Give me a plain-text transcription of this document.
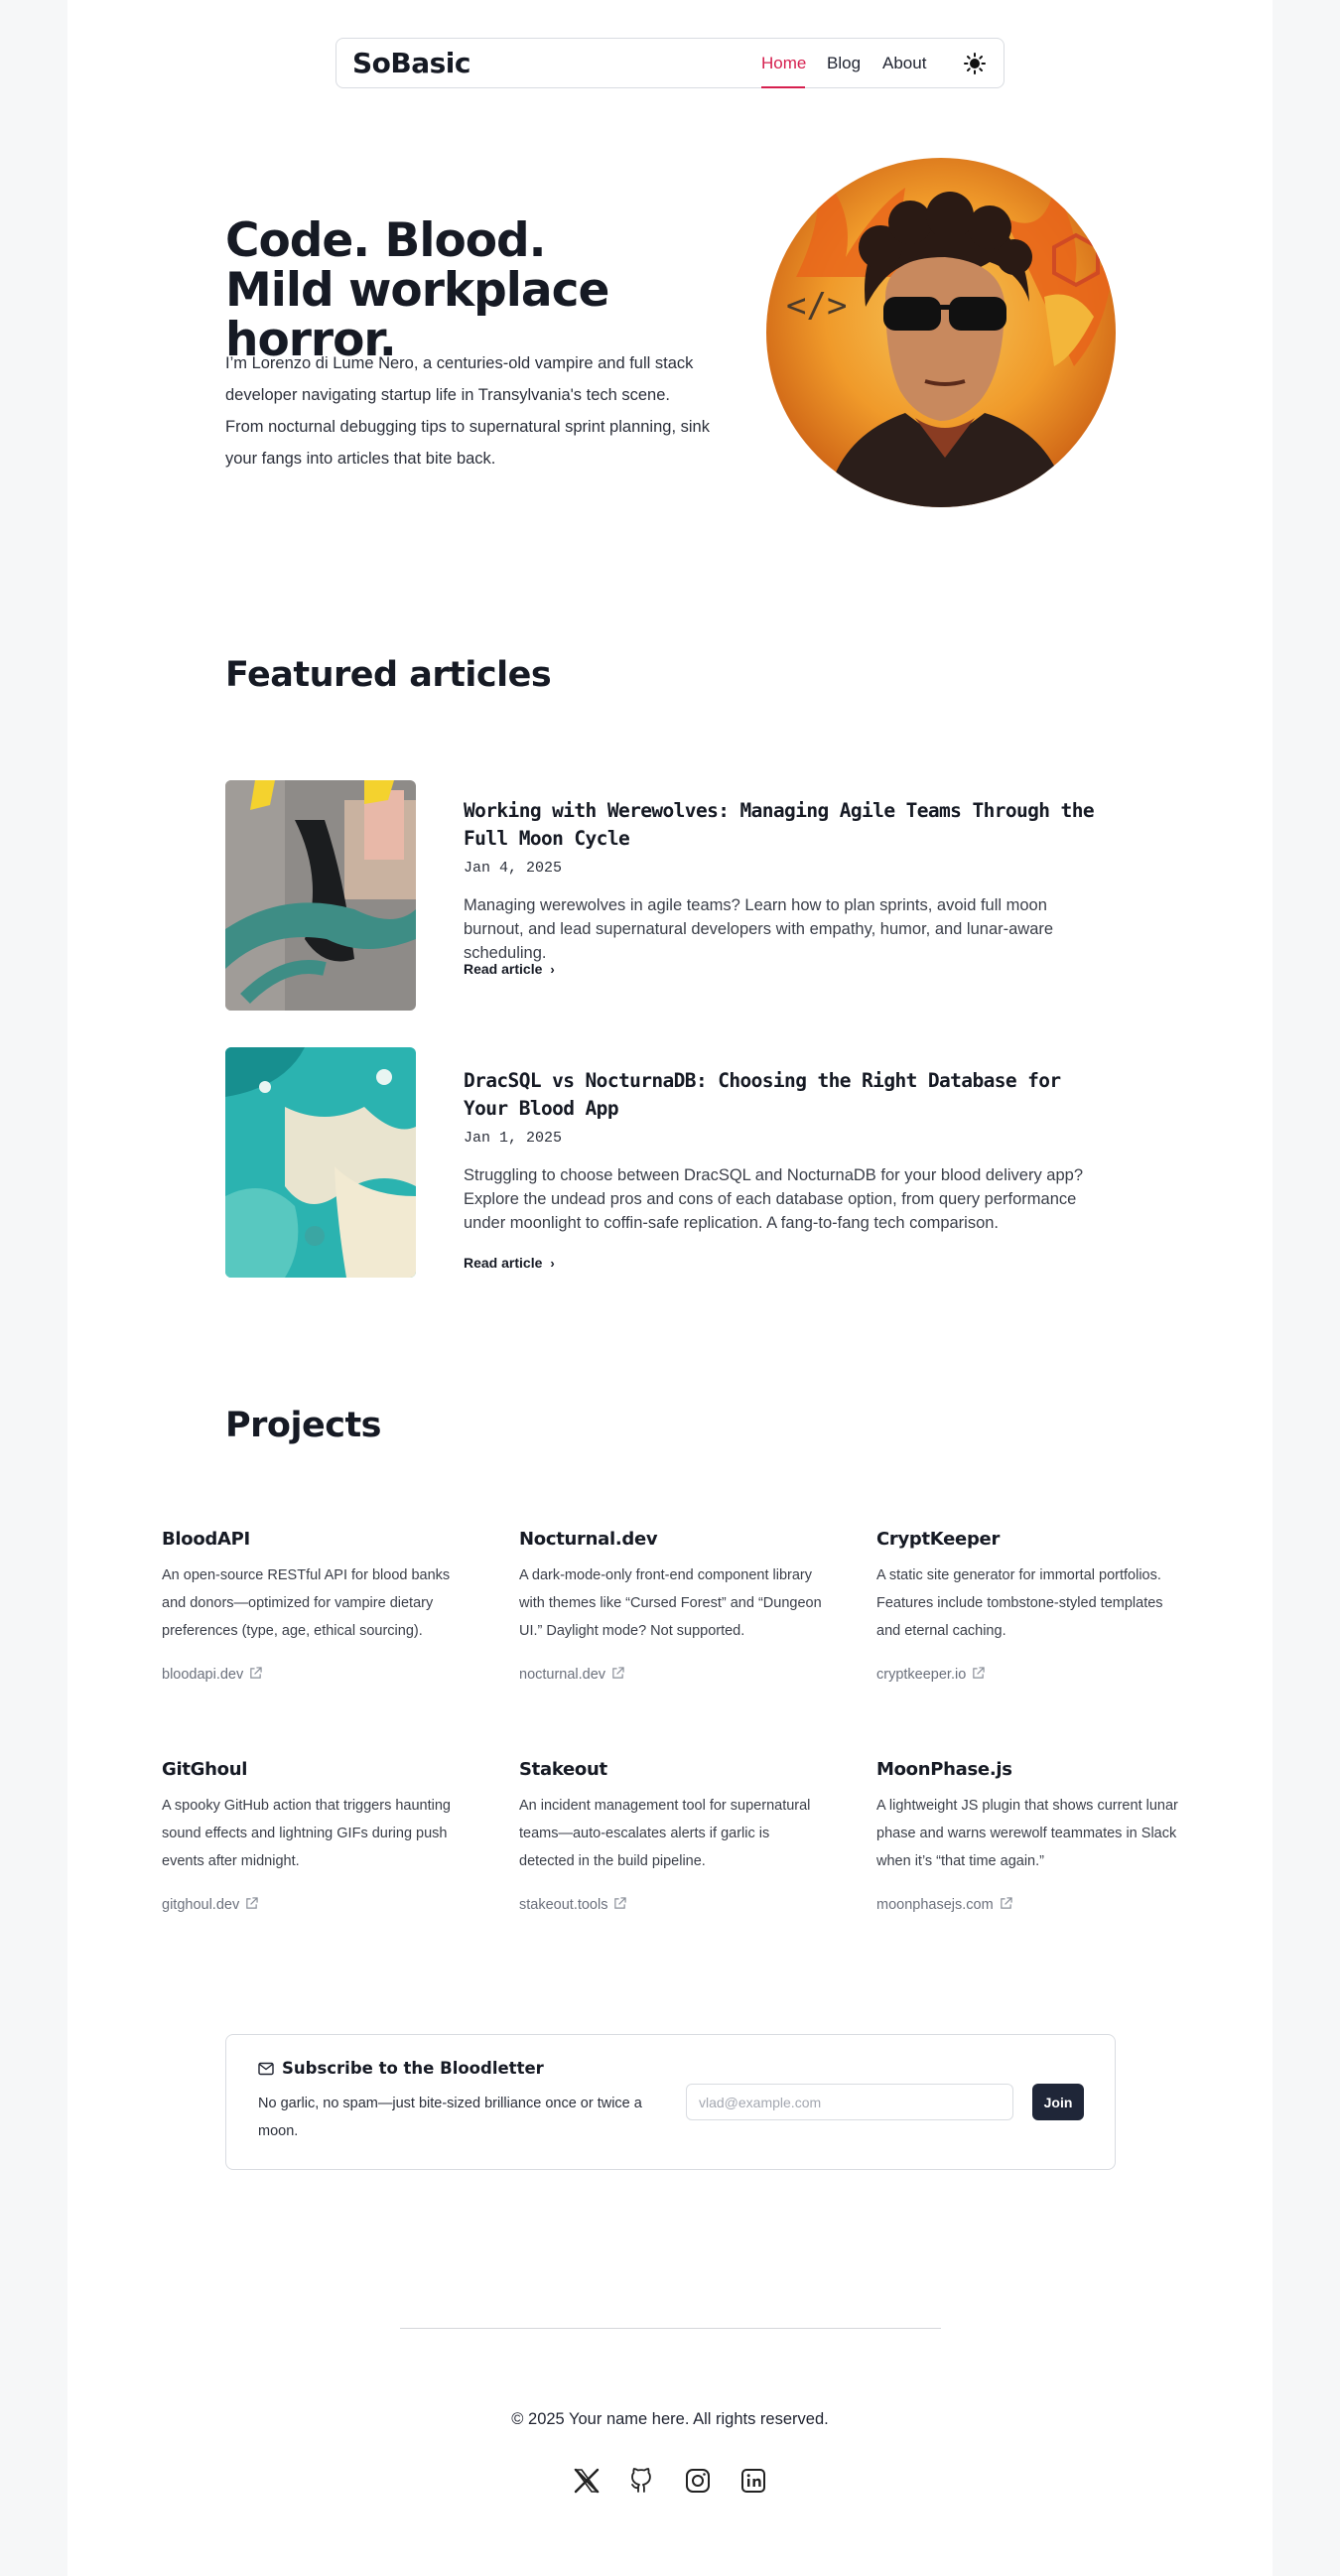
SoBasic	Home Blog About
Code. Blood. Mild workplace horror.

I’m Lorenzo di Lume Nero, a centuries-old vampire and full stack developer navigating startup life in Transylvania's tech scene. From nocturnal debugging tips to supernatural sprint planning, sink your fangs into articles that bite back.

</>
Featured articles
Working with Werewolves: Managing Agile Teams Through the Full Moon Cycle
Jan 4, 2025

Managing werewolves in agile teams? Learn how to plan sprints, avoid full moon burnout, and lead supernatural developers with empathy, humor, and lunar-aware scheduling.

Read article ›
DracSQL vs NocturnaDB: Choosing the Right Database for Your Blood App
Jan 1, 2025

Struggling to choose between DracSQL and NocturnaDB for your blood delivery app? Explore the undead pros and cons of each database option, from query performance under moonlight to coffin-safe replication. A fang-to-fang tech comparison.

Read article ›
Projects
BloodAPI

An open-source RESTful API for blood banks and donors—optimized for vampire dietary preferences (type, age, ethical sourcing).

bloodapi.dev
Nocturnal.dev

A dark-mode-only front-end component library with themes like “Cursed Forest” and “Dungeon UI.” Daylight mode? Not supported.

nocturnal.dev
CryptKeeper

A static site generator for immortal portfolios. Features include tombstone-styled templates and eternal caching.

cryptkeeper.io
GitGhoul

A spooky GitHub action that triggers haunting sound effects and lightning GIFs during push events after midnight.

gitghoul.dev
Stakeout

An incident management tool for supernatural teams—auto-escalates alerts if garlic is detected in the build pipeline.

stakeout.tools
MoonPhase.js

A lightweight JS plugin that shows current lunar phase and warns werewolf teammates in Slack when it’s “that time again.”

moonphasejs.com
Subscribe to the Bloodletter

No garlic, no spam—just bite-sized brilliance once or twice a moon.

vlad@example.com
Join
© 2025 Your name here. All rights reserved.
